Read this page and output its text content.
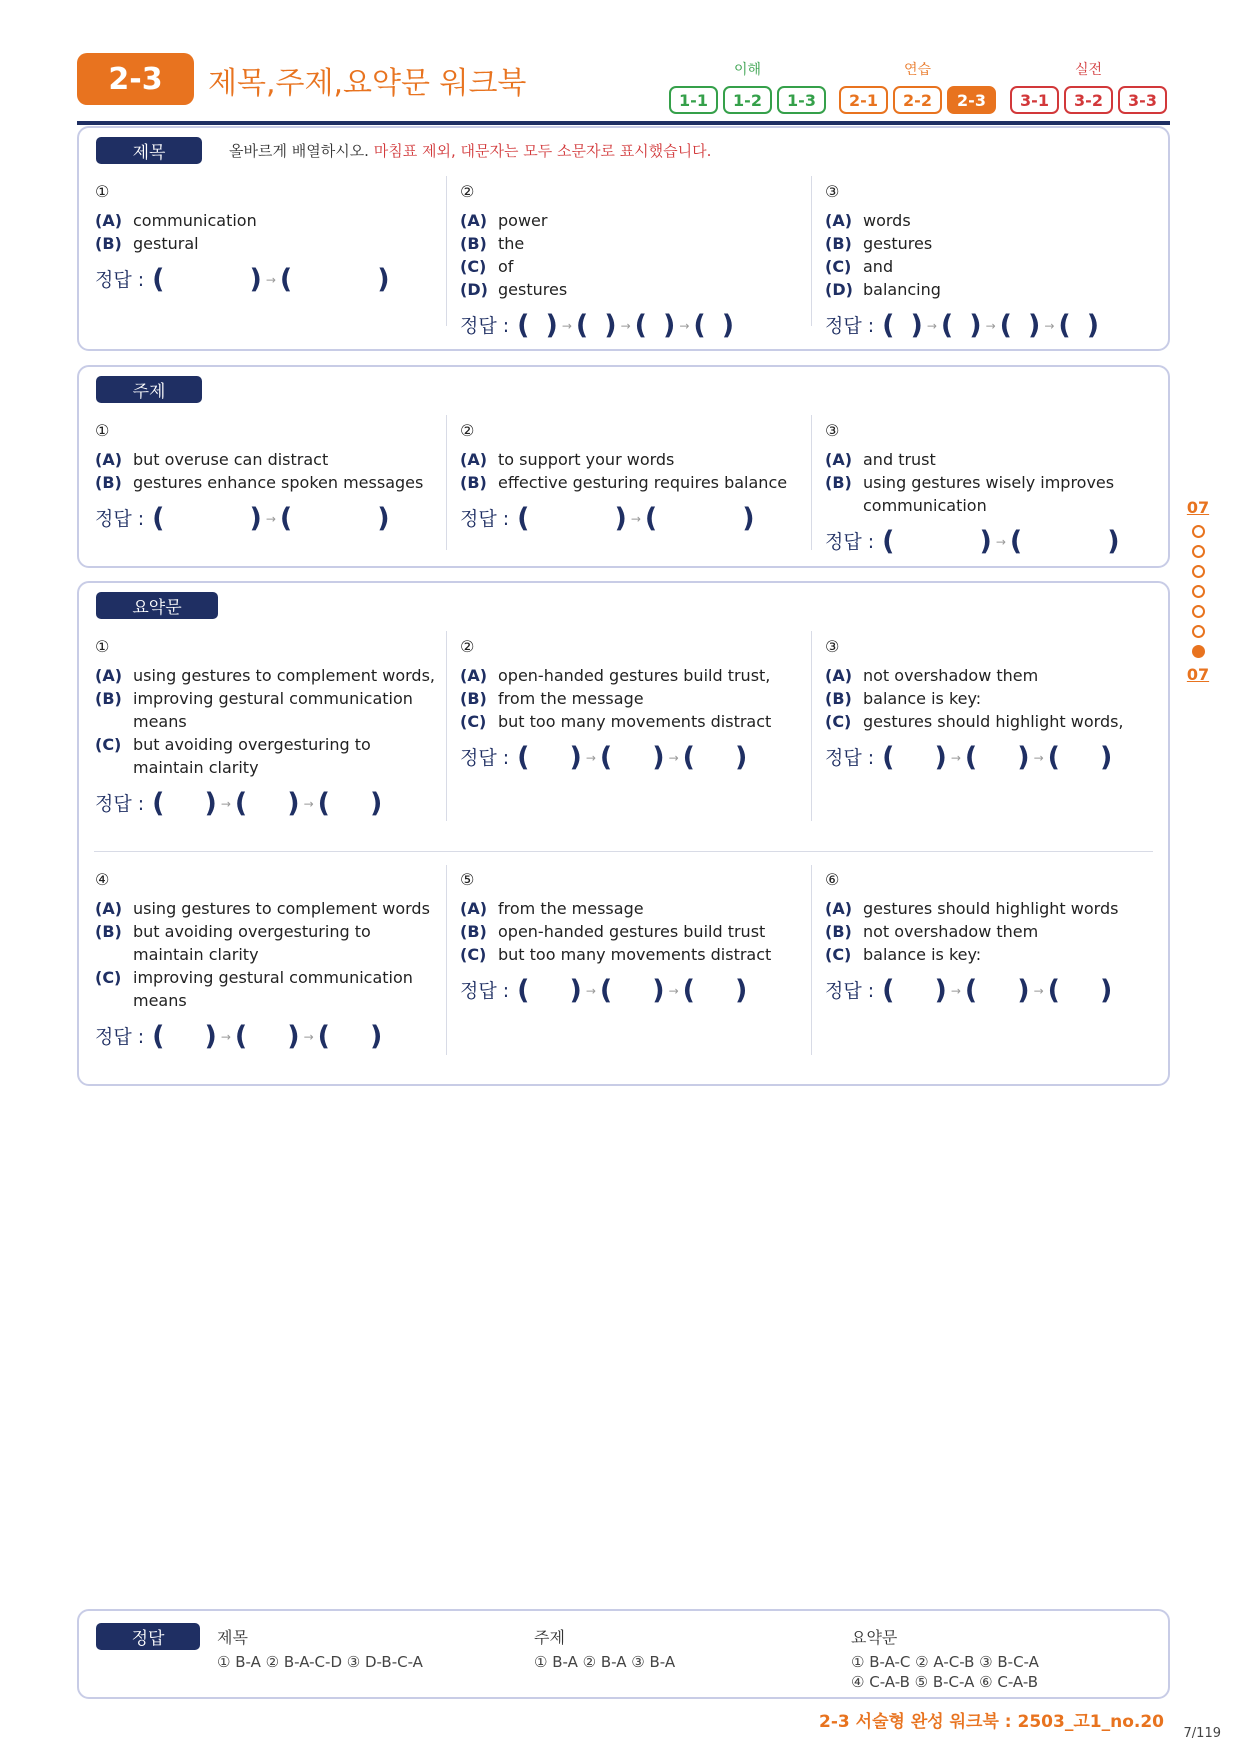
2-3	제목,주제,요약문 워크북	이해
1-1	1-2	1-3
연습
2-1	2-2	2-3
실전
3-1	3-2	3-3
제목	올바르게 배열하시오. 마침표 제외, 대문자는 모두 소문자로 표시했습니다.
①
(A) communication
(B) gestural
정답 : (	) → (	)
②
(A) power
(B) the
(C) of
(D) gestures
정답 : ( ) → ( ) → ( ) → ( )
③
(A) words
(B) gestures
(C) and
(D) balancing
정답 : ( ) → ( ) → ( ) → ( )
주제
①
(A) but overuse can distract
(B) gestures enhance spoken messages
정답 : (	) → (	)
②
(A) to support your words
(B) effective gesturing requires balance
정답 : (	) → (	)
③
(A) and trust
(B) using gestures wisely improves communication
정답 : (	) → (	)
요약문
①
(A) using gestures to complement words,
(B) improving gestural communication means
(C) but avoiding overgesturing to maintain clarity
정답 : ( ) → ( ) → ( )
②
(A) open-handed gestures build trust,
(B) from the message
(C) but too many movements distract
정답 : ( ) → ( ) → ( )
③
(A) not overshadow them
(B) balance is key:
(C) gestures should highlight words,
정답 : ( ) → ( ) → ( )
④
(A) using gestures to complement words
(B) but avoiding overgesturing to maintain clarity
(C) improving gestural communication means
정답 : ( ) → ( ) → ( )
⑤
(A) from the message
(B) open-handed gestures build trust
(C) but too many movements distract
정답 : ( ) → ( ) → ( )
⑥
(A) gestures should highlight words
(B) not overshadow them
(C) balance is key:
정답 : ( ) → ( ) → ( )
07
07
정답	제목
① B-A ② B-A-C-D ③ D-B-C-A
주제
① B-A ② B-A ③ B-A
요약문
① B-A-C ② A-C-B ③ B-C-A
④ C-A-B ⑤ B-C-A ⑥ C-A-B
2-3 서술형 완성 워크북 : 2503_고1_no.20
7/119
